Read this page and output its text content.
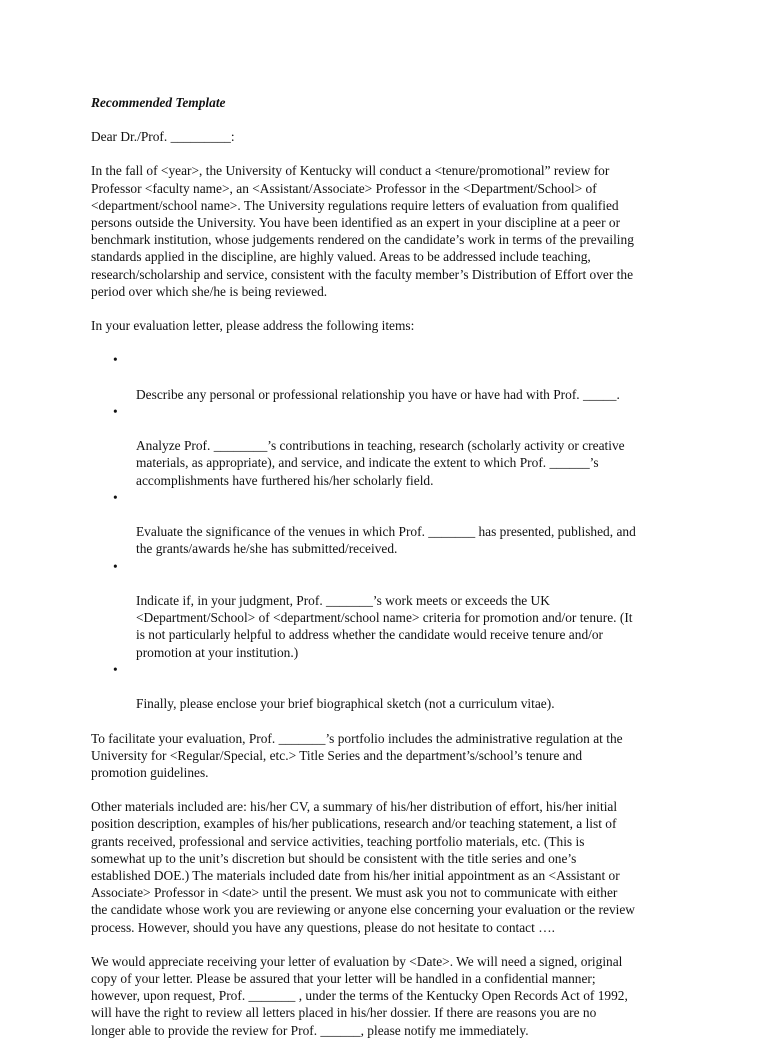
Recommended Template
Dear Dr./Prof. _________:
In the fall of <year>, the University of Kentucky will conduct a <tenure/promotional” review for
Professor <faculty name>, an <Assistant/Associate> Professor in the <Department/School> of
<department/school name>. The University regulations require letters of evaluation from qualified
persons outside the University. You have been identified as an expert in your discipline at a peer or
benchmark institution, whose judgements rendered on the candidate’s work in terms of the prevailing
standards applied in the discipline, are highly valued. Areas to be addressed include teaching,
research/scholarship and service, consistent with the faculty member’s Distribution of Effort over the
period over which she/he is being reviewed.
In your evaluation letter, please address the following items:

•

Describe any personal or professional relationship you have or have had with Prof. _____.

•

Analyze Prof. ________’s contributions in teaching, research (scholarly activity or creative
materials, as appropriate), and service, and indicate the extent to which Prof. ______’s
accomplishments have furthered his/her scholarly field.

•

Evaluate the significance of the venues in which Prof. _______ has presented, published, and
the grants/awards he/she has submitted/received.

•

Indicate if, in your judgment, Prof. _______’s work meets or exceeds the UK
<Department/School> of <department/school name> criteria for promotion and/or tenure. (It
is not particularly helpful to address whether the candidate would receive tenure and/or
promotion at your institution.)

•

Finally, please enclose your brief biographical sketch (not a curriculum vitae).

To facilitate your evaluation, Prof. _______’s portfolio includes the administrative regulation at the
University for <Regular/Special, etc.> Title Series and the department’s/school’s tenure and
promotion guidelines.
Other materials included are: his/her CV, a summary of his/her distribution of effort, his/her initial
position description, examples of his/her publications, research and/or teaching statement, a list of
grants received, professional and service activities, teaching portfolio materials, etc. (This is
somewhat up to the unit’s discretion but should be consistent with the title series and one’s
established DOE.) The materials included date from his/her initial appointment as an <Assistant or
Associate> Professor in <date> until the present. We must ask you not to communicate with either
the candidate whose work you are reviewing or anyone else concerning your evaluation or the review
process. However, should you have any questions, please do not hesitate to contact ….
We would appreciate receiving your letter of evaluation by <Date>. We will need a signed, original
copy of your letter. Please be assured that your letter will be handled in a confidential manner;
however, upon request, Prof. _______ , under the terms of the Kentucky Open Records Act of 1992,
will have the right to review all letters placed in his/her dossier. If there are reasons you are no
longer able to provide the review for Prof. ______, please notify me immediately.
